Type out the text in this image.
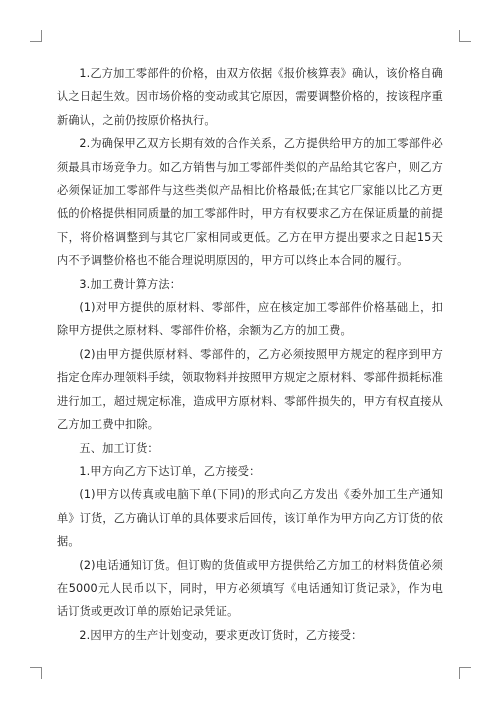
1.乙方加工零部件的价格，由双方依据《报价核算表》确认，该价格自确认之日起生效。因市场价格的变动或其它原因，需要调整价格的，按该程序重新确认，之前仍按原价格执行。

2.为确保甲乙双方长期有效的合作关系，乙方提供给甲方的加工零部件必须最具市场竞争力。如乙方销售与加工零部件类似的产品给其它客户，则乙方必须保证加工零部件与这些类似产品相比价格最低;在其它厂家能以比乙方更低的价格提供相同质量的加工零部件时，甲方有权要求乙方在保证质量的前提下，将价格调整到与其它厂家相同或更低。乙方在甲方提出要求之日起15天内不予调整价格也不能合理说明原因的，甲方可以终止本合同的履行。

3.加工费计算方法：

(1)对甲方提供的原材料、零部件，应在核定加工零部件价格基础上，扣除甲方提供之原材料、零部件价格，余额为乙方的加工费。

(2)由甲方提供原材料、零部件的，乙方必须按照甲方规定的程序到甲方指定仓库办理领料手续，领取物料并按照甲方规定之原材料、零部件损耗标准进行加工，超过规定标准，造成甲方原材料、零部件损失的，甲方有权直接从乙方加工费中扣除。

五、加工订货：

1.甲方向乙方下达订单，乙方接受：

(1)甲方以传真或电脑下单(下同)的形式向乙方发出《委外加工生产通知单》订货，乙方确认订单的具体要求后回传，该订单作为甲方向乙方订货的依据。

(2)电话通知订货。但订购的货值或甲方提供给乙方加工的材料货值必须在5000元人民币以下，同时，甲方必须填写《电话通知订货记录》，作为电话订货或更改订单的原始记录凭证。

2.因甲方的生产计划变动，要求更改订货时，乙方接受：
